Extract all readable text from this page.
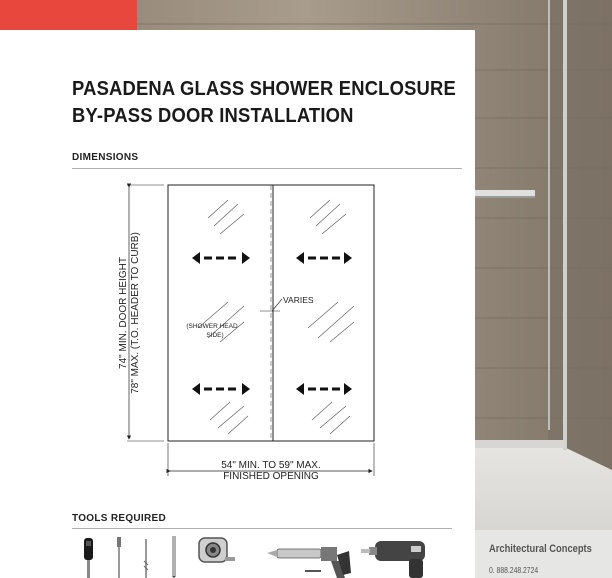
PASADENA GLASS SHOWER ENCLOSURE
BY-PASS DOOR INSTALLATION
DIMENSIONS
VARIES
(SHOWER HEAD
SIDE)
74" MIN. DOOR HEIGHT 78" MAX. (T.O. HEADER TO CURB)
54" MIN. TO 59" MAX.
FINISHED OPENING
TOOLS REQUIRED
Architectural Concepts
0. 888.248.2724
